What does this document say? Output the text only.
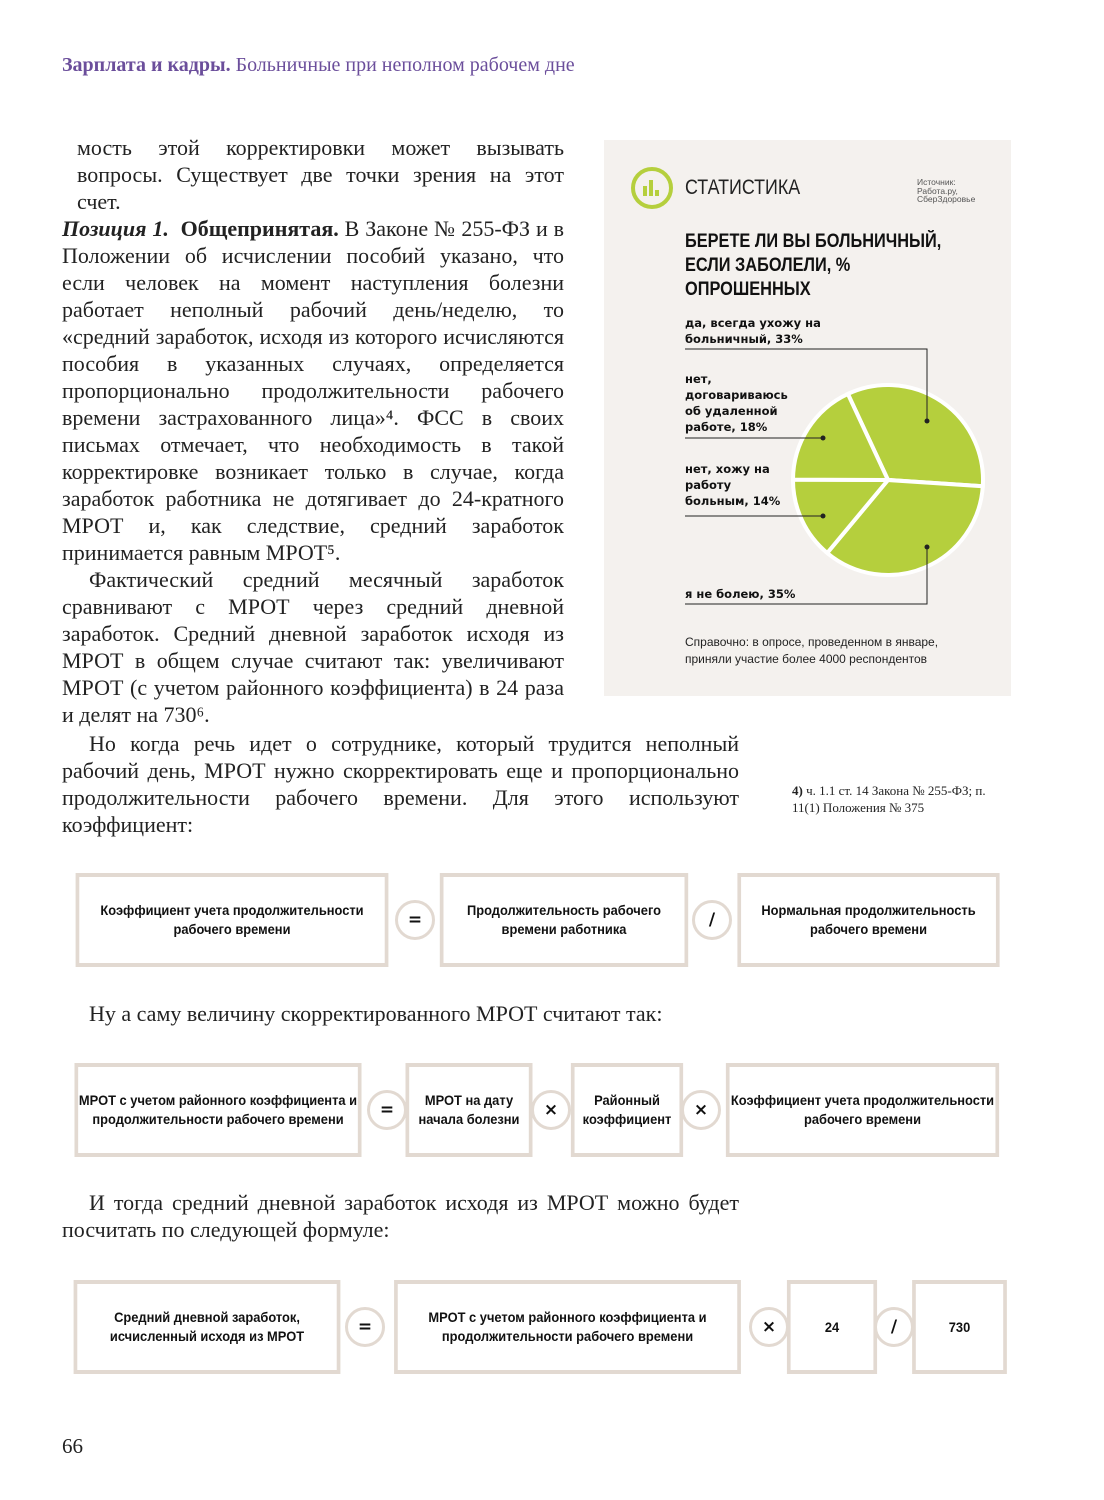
Зарплата и кадры. Больничные при неполном рабочем дне
мость этой корректировки может вызывать вопросы. Существует две точки зрения на этот счет.

Позиция 1. Общепринятая. В Законе № 255-ФЗ и в Положении об исчислении пособий указано, что если человек на момент наступления болезни работает неполный рабочий день/неделю, то «средний заработок, исходя из которого исчисляются пособия в указанных случаях, определяется пропорционально продолжительности рабочего времени застрахованного лица»⁴. ФСС в своих письмах отмечает, что необходимость в такой корректировке возникает только в случае, когда заработок работника не дотягивает до 24-кратного МРОТ и, как следствие, средний заработок принимается равным МРОТ⁵.

Фактический средний месячный заработок сравнивают с МРОТ через средний дневной заработок. Средний дневной заработок исходя из МРОТ в общем случае считают так: увеличивают МРОТ (с учетом районного коэффициента) в 24 раза и делят на 730⁶.

Но когда речь идет о сотруднике, который трудится неполный рабочий день, МРОТ нужно скорректировать еще и пропорционально продолжительности рабочего времени. Для этого используют коэффициент:
4) ч. 1.1 ст. 14 Закона № 255-ФЗ; п. 11(1) Положения № 375
СТАТИСТИКА	Источник: Работа.ру, СберЗдоровье
БЕРЕТЕ ЛИ ВЫ БОЛЬНИЧНЫЙ, ЕСЛИ ЗАБОЛЕЛИ, % ОПРОШЕННЫХ
да, всегда ухожу на больничный, 33%
нет, договариваюсь об удаленной работе, 18%
нет, хожу на работу больным, 14%
я не болею, 35%
Справочно: в опросе, проведенном в январе, приняли участие более 4000 респондентов
Коэффициент учета продолжительности рабочего времени
Продолжительность рабочего времени работника
Нормальная продолжительность рабочего времени
=	/
Ну а саму величину скорректированного МРОТ считают так:
МРОТ с учетом районного коэффициента и продолжительности рабочего времени
МРОТ на дату начала болезни
Районный коэффициент
Коэффициент учета продолжительности рабочего времени
=	×	×
И тогда средний дневной заработок исходя из МРОТ можно будет посчитать по следующей формуле:
Средний дневной заработок, исчисленный исходя из МРОТ
МРОТ с учетом районного коэффициента и продолжительности рабочего времени
24	730
=	×	/
66
